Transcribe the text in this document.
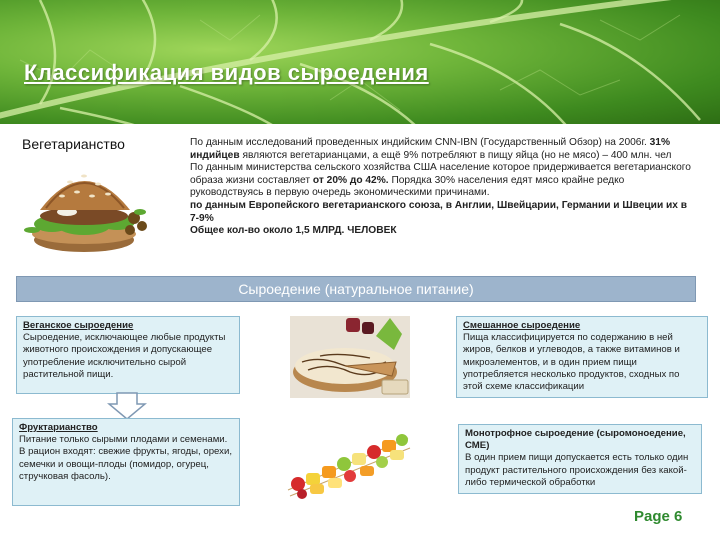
Классификация видов сыроедения
Вегетарианство	По данным исследований проведенных индийским CNN-IBN (Государственный Обзор) на 2006г. 31% индийцев являются вегетарианцами, а ещё 9% потребляют в пищу яйца (но не мясо) – 400 млн. чел

По данным министерства сельского хозяйства США население которое придерживается вегетарианского образа жизни составляет от 20% до 42%. Порядка 30% населения едят мясо крайне редко руководствуясь в первую очередь экономическими причинами.

по данным Европейского вегетарианского союза, в Англии, Швейцарии, Германии и Швеции их в 7-9%

Общее кол-во около 1,5 МЛРД. ЧЕЛОВЕК

Сыроедение (натуральное питание)
Веганское сыроедение
Сыроедение, исключающее любые продукты животного происхождения и допускающее употребление исключительно сырой растительной пищи.
Смешанное сыроедение
Пища классифицируется по содержанию в ней жиров, белков и углеводов, а также витаминов и микроэлементов, и в один прием пищи употребляется несколько продуктов, сходных по этой схеме классификации
Фруктарианство
Питание только сырыми плодами и семенами. В рацион входят: свежие фрукты, ягоды, орехи, семечки и овощи-плоды (помидор, огурец, стручковая фасоль).
Монотрофное сыроедение (сыромоноедение, СМЕ)
В один прием пищи допускается есть только один продукт растительного происхождения без какой-либо термической обработки
Page 6
